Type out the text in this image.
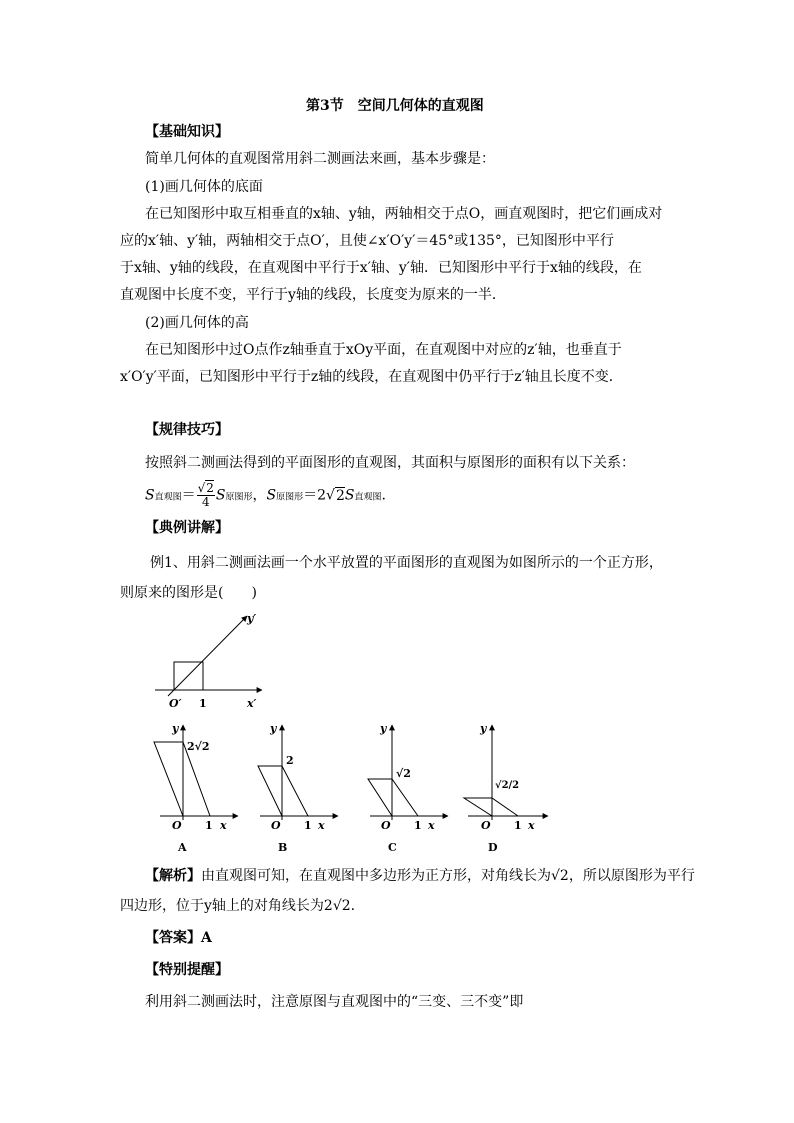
第3节　空间几何体的直观图
【基础知识】
简单几何体的直观图常用斜二测画法来画，基本步骤是：
(1)画几何体的底面
在已知图形中取互相垂直的x轴、y轴，两轴相交于点O，画直观图时，把它们画成对
应的x′轴、y′轴，两轴相交于点O′，且使∠x′O′y′＝45°或135°，已知图形中平行
于x轴、y轴的线段，在直观图中平行于x′轴、y′轴．已知图形中平行于x轴的线段，在
直观图中长度不变，平行于y轴的线段，长度变为原来的一半．
(2)画几何体的高
在已知图形中过O点作z轴垂直于xOy平面，在直观图中对应的z′轴，也垂直于
x′O′y′平面，已知图形中平行于z轴的线段，在直观图中仍平行于z′轴且长度不变．
【规律技巧】
按照斜二测画法得到的平面图形的直观图，其面积与原图形的面积有以下关系：
S直观图＝ $\frac{√2}{4}$ S原图形，S原图形＝2√2S直观图.
【典例讲解】
例1、用斜二测画法画一个水平放置的平面图形的直观图为如图所示的一个正方形，
则原来的图形是(　　)
O′ 1	x′
y′
y
2√2
O 1 x
A
y
2
O 1 x
B
y
√2
O 1 x
C
y
√2/2
O 1 x
D
【解析】由直观图可知，在直观图中多边形为正方形，对角线长为√2，所以原图形为平行
四边形，位于y轴上的对角线长为2√2.
【答案】A
【特别提醒】
利用斜二测画法时，注意原图与直观图中的“三变、三不变”即
